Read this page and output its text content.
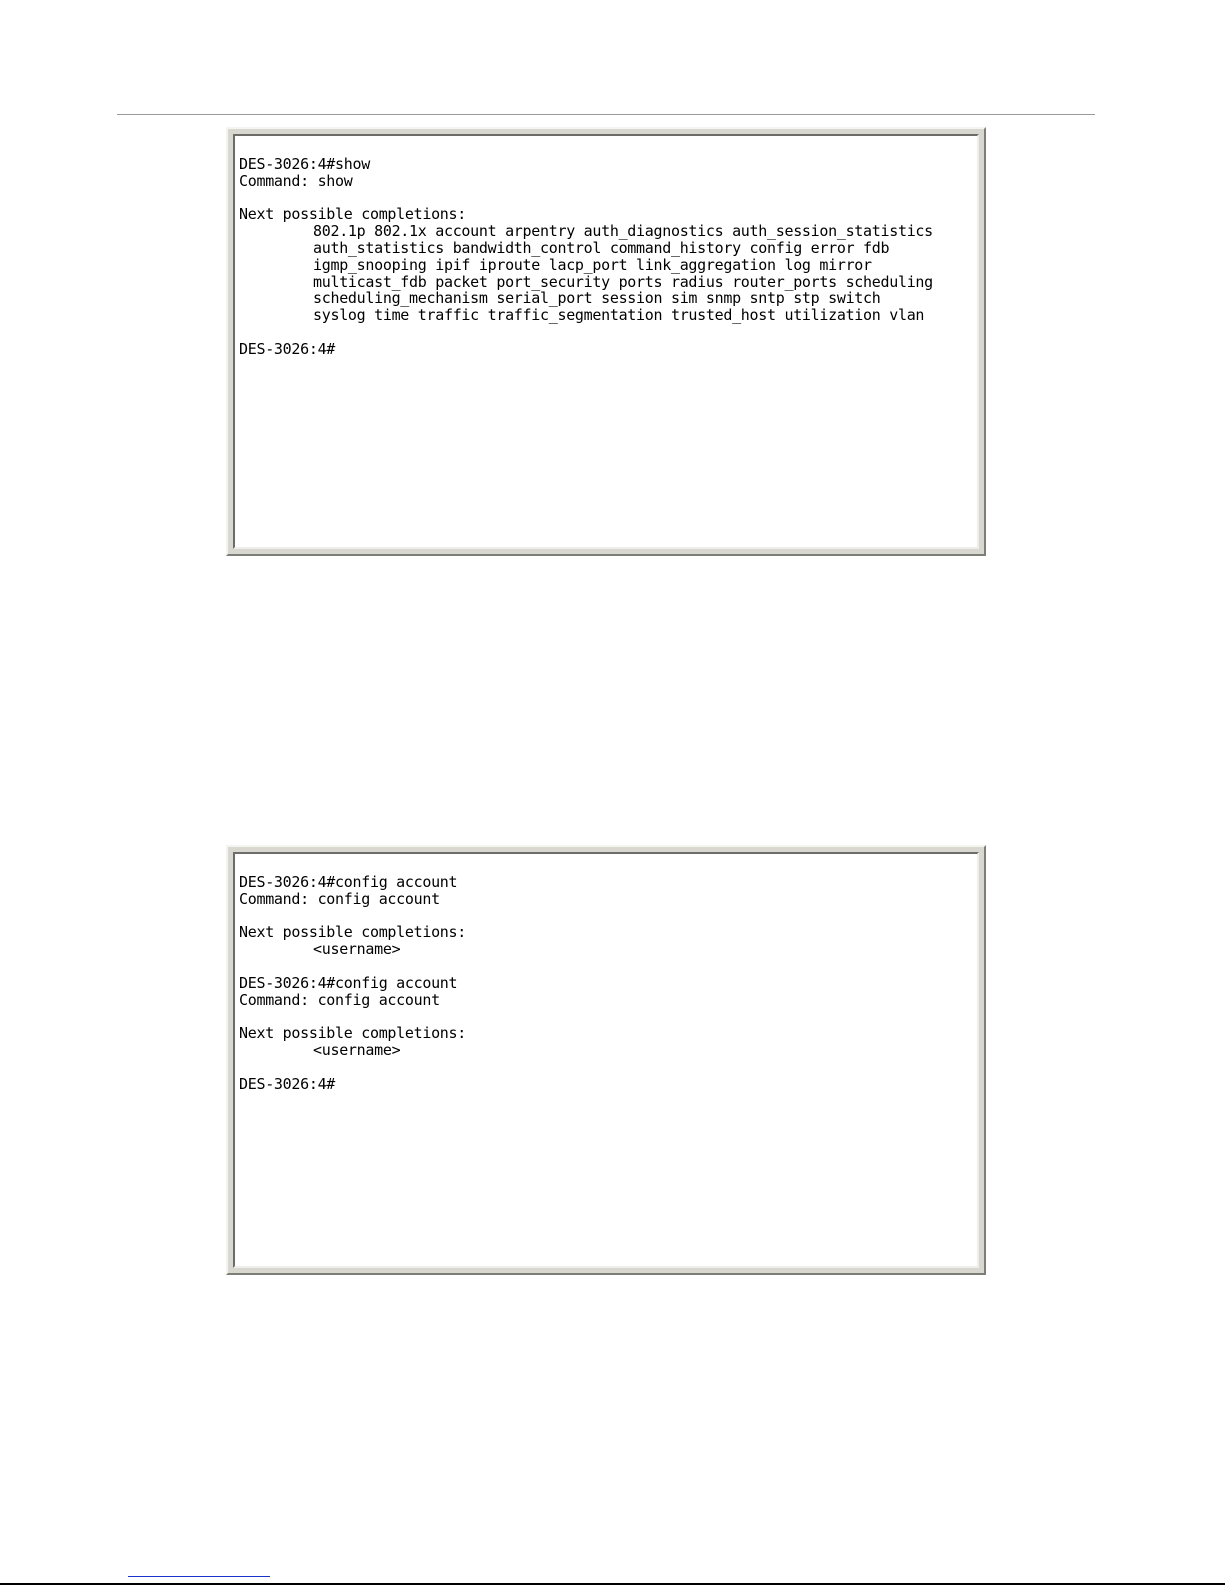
DES-3026:4#show
Command: show
Next possible completions:
802.1p 802.1x account arpentry auth_diagnostics auth_session_statistics
auth_statistics bandwidth_control command_history config error fdb
igmp_snooping ipif iproute lacp_port link_aggregation log mirror
multicast_fdb packet port_security ports radius router_ports scheduling
scheduling_mechanism serial_port session sim snmp sntp stp switch
syslog time traffic traffic_segmentation trusted_host utilization vlan
DES-3026:4#
DES-3026:4#config account
Command: config account
Next possible completions:
<username>
DES-3026:4#config account
Command: config account
Next possible completions:
<username>
DES-3026:4#
